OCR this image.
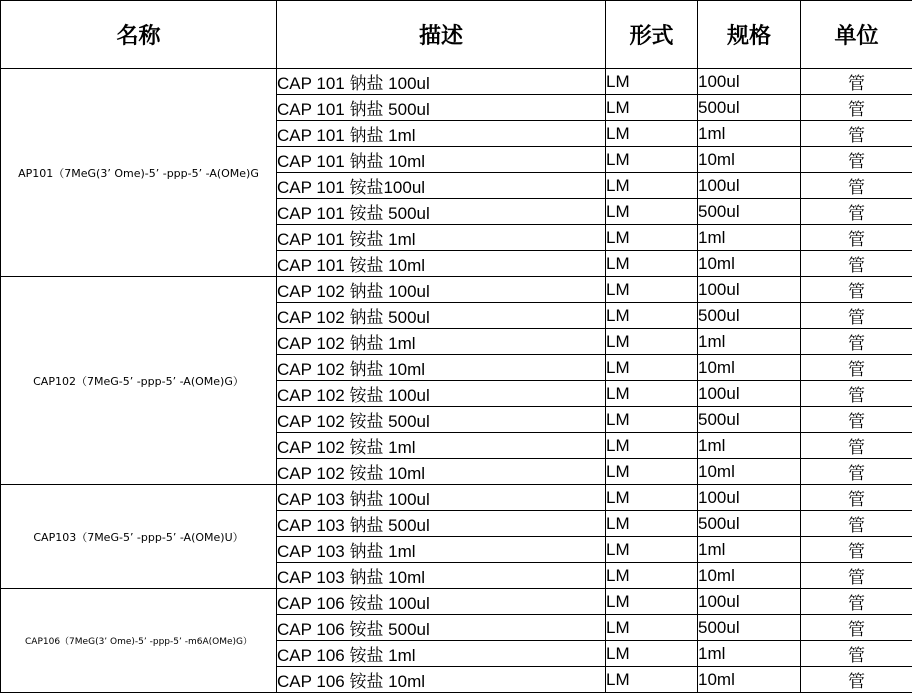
名称	描述	形式	规格	单位
AP101（7MeG(3’ Ome)-5’ -ppp-5’ -A(OMe)G	CAP 101 钠盐 100ul	LM	100ul	管
	CAP 101 钠盐 500ul	LM	500ul	管
	CAP 101 钠盐 1ml	LM	1ml	管
	CAP 101 钠盐 10ml	LM	10ml	管
	CAP 101 铵盐100ul	LM	100ul	管
	CAP 101 铵盐 500ul	LM	500ul	管
	CAP 101 铵盐 1ml	LM	1ml	管
	CAP 101 铵盐 10ml	LM	10ml	管
CAP102（7MeG-5’ -ppp-5’ -A(OMe)G）	CAP 102 钠盐 100ul	LM	100ul	管
	CAP 102 钠盐 500ul	LM	500ul	管
	CAP 102 钠盐 1ml	LM	1ml	管
	CAP 102 钠盐 10ml	LM	10ml	管
	CAP 102 铵盐 100ul	LM	100ul	管
	CAP 102 铵盐 500ul	LM	500ul	管
	CAP 102 铵盐 1ml	LM	1ml	管
	CAP 102 铵盐 10ml	LM	10ml	管
CAP103（7MeG-5’ -ppp-5’ -A(OMe)U）	CAP 103 钠盐 100ul	LM	100ul	管
	CAP 103 钠盐 500ul	LM	500ul	管
	CAP 103 钠盐 1ml	LM	1ml	管
	CAP 103 钠盐 10ml	LM	10ml	管
CAP106（7MeG(3’ Ome)-5’ -ppp-5’ -m6A(OMe)G）	CAP 106 铵盐 100ul	LM	100ul	管
	CAP 106 铵盐 500ul	LM	500ul	管
	CAP 106 铵盐 1ml	LM	1ml	管
	CAP 106 铵盐 10ml	LM	10ml	管
